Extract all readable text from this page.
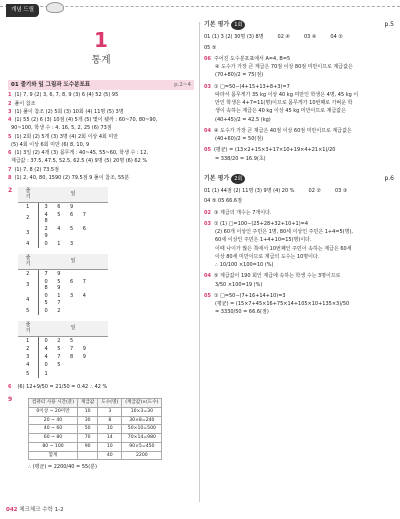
개념 드릴
1
통계
01 줄기와 잎 그림과 도수분포표	p.2~4
1 (1) 7, 9 (2) 3, 6, 7, 8, 9 (3) 6 (4) 52 (5) 95
2 풀이 참조
3 (1) 풀이 참조 (2) 5회 (3) 10회 (4) 11명 (5) 3명
4 (1) 55 (2) 6 (3) 10점 (4) 5개 (5) 몇이 됐까 : 60~70, 80~90,
90~100, 학생 수 : 4, 16, 5, 2, 25 (6) 73점
5 (1) 2회 (2) 5개 (3) 3명 (4) 2회 이상 4회 미만
(5) 4회 이상 6회 미만 (6) 8, 10, 9
6 (1) 3일 (2) 4개 (3) 몸무게 : 40~45, 55~60, 학생 수 : 12,
계급값 : 37.5, 47.5, 52.5, 62.5 (4) 9명 (5) 20명 (6) 62 %
7 (1) 7, 8 (2) 73.5점
8 (1) 2, 40, 80, 1590 (2) 79.5점 9 풀이 참조, 55분
2	줄기	잎
1	3 6 9
2	4 5 6 7 8
3	2 4 5 6 9
4	0 1 3
줄기	잎
2	7 9
3	0 5 6 7 8 9
4	0 1 3 4 5 7
5	0 2
줄기	잎
1	0 2 5
2	4 5 7 9
3	4 7 8 9
4	0 5
5	1
6 (6) 12+9/50 = 21/50 = 0.42 ∴ 42 %
9	컴퓨터 사용 시간(분)	계급값	도수(명)	(계급값)×(도수)
0이상 ~ 20미만	10	3	10×3=30
20 ~ 40	30	8	30×8=240
40 ~ 60	50	10	50×10=500
60 ~ 80	70	14	70×14=980
80 ~ 100	90	10	90×5=450
합계		40	2200
∴ (평균) = 2200/40 = 55(분)
기본 평가 1회	p.5
01 (1) 3 (2) 30명 (3) 8명	02 ④	03 ④	04 ②
05 ⑤
06 주어진 도수분포표에서 A=4, B=5
④ 도수가 가장 큰 계급은 70점 이상 80점 미만이므로 계급값은
(70+80)/2 = 75(점)
03 ① □=50−(4+15+13+8+3)=7
따라서 몸무게가 35 kg 이상 40 kg 미만인 학생은 4명, 45 kg 이
만인 학생은 4+7=11(명)이므로 몸무게가 10번째로 가벼운 학
생이 속하는 계급은 40 kg 이상 45 kg 미만이므로 계급값은
(40+45)/2 = 42.5 (kg)
04 ④ 도수가 가장 큰 계급은 40점 이상 60점 미만이므로 계급값은
(40+60)/2 = 50(점)
05 (평균) = (13×2+15×3+17×10+19×4+21×1)/20
= 338/20 = 16.9(초)
기본 평가 2회	p.6
01 (1) 44점 (2) 11명 (3) 9명 (4) 20 %	02 ②	03 ③
04 ⑤ 05 66.6점
02 ③ 계급의 개수는 7개이다.
03 ① (1) □=100−(25+28+32+10+1)=4
(2) 60개 이상인 주민은 1명, 80세 이상인 주민은 1+4=5(명),
60세 이상인 주민은 1+4+10=15(명)이다.
이때 나이가 많은 쪽에서 10번째인 주민이 속하는 계급은 60세
이상 80세 미만이므로 계급의 도수는 10명이다.
∴ 10/100 ×100=10 (%)
04 ⑤ 계급값이 190 회인 계급에 속하는 학생 수는 3명이므로
3/50 ×100=19 (%)
05 ① □=50−(7+16+14+10)=3
(평균) = (15×7+45×16+75×14+105×10+135×3)/50
= 3330/50 = 66.6(점)
042 체크체크 수학 1-2
